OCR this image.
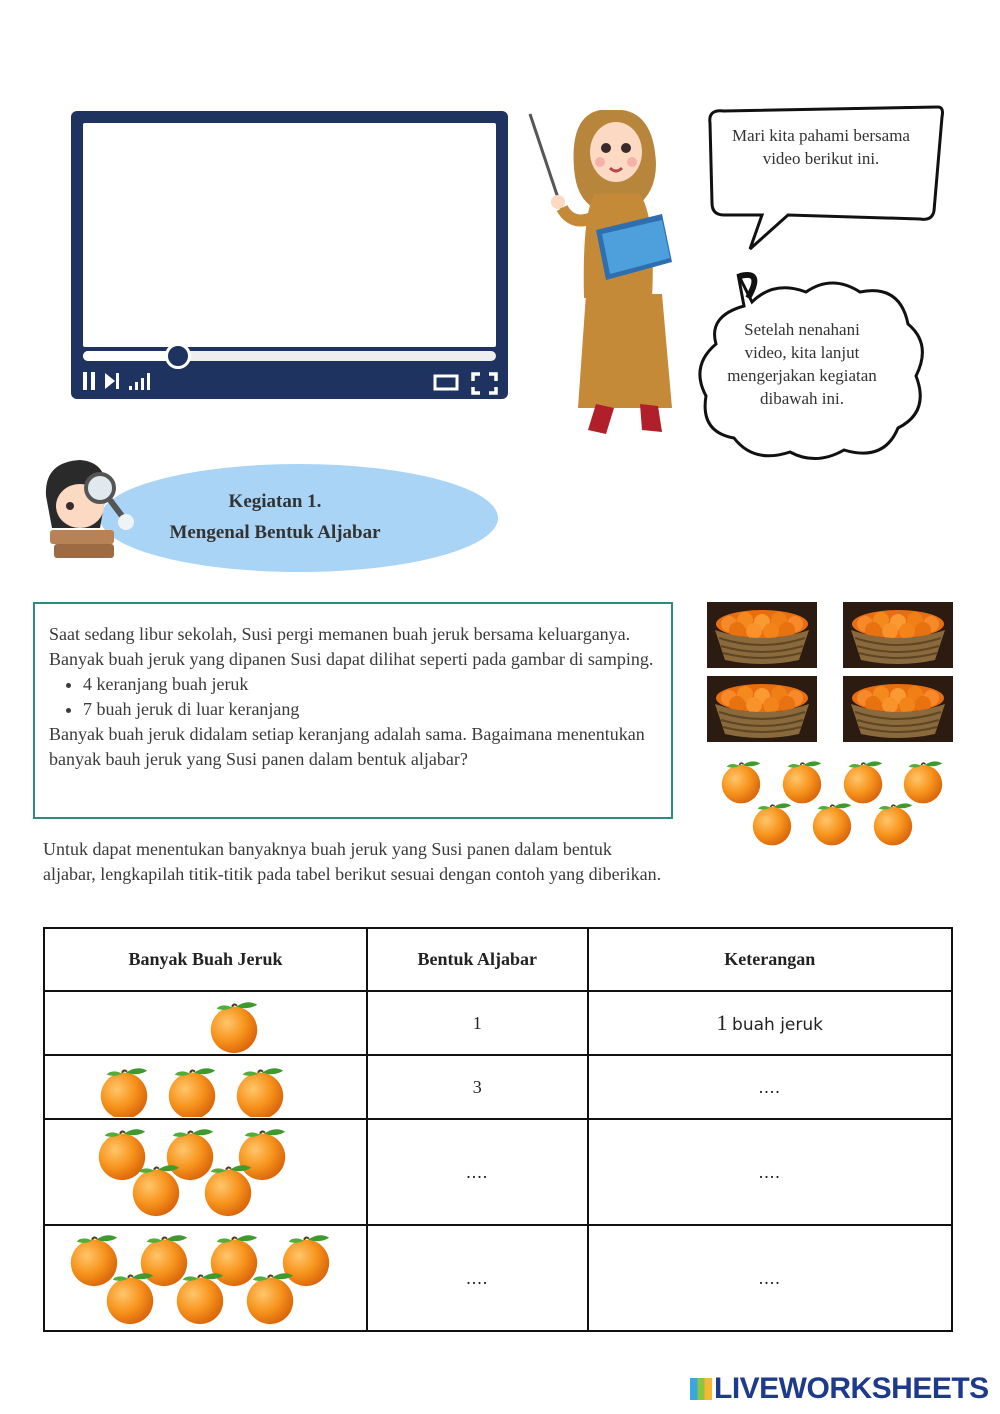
Mari kita pahami bersama video berikut ini.
Setelah nenahani video, kita lanjut mengerjakan kegiatan dibawah ini.
Kegiatan 1.
Mengenal Bentuk Aljabar

Saat sedang libur sekolah, Susi pergi memanen buah jeruk bersama keluarganya. Banyak buah jeruk yang dipanen Susi dapat dilihat seperti pada gambar di samping.

• 4 keranjang buah jeruk
• 7 buah jeruk di luar keranjang

Banyak buah jeruk didalam setiap keranjang adalah sama. Bagaimana menentukan banyak bauh jeruk yang Susi panen dalam bentuk aljabar?

Untuk dapat menentukan banyaknya buah jeruk yang Susi panen dalam bentuk aljabar, lengkapilah titik-titik pada tabel berikut sesuai dengan contoh yang diberikan.
Banyak Buah Jeruk	Bentuk Aljabar	Keterangan

	1	1 buah jeruk

	3	....

	....	....

	....	....
LIVEWORKSHEETS
